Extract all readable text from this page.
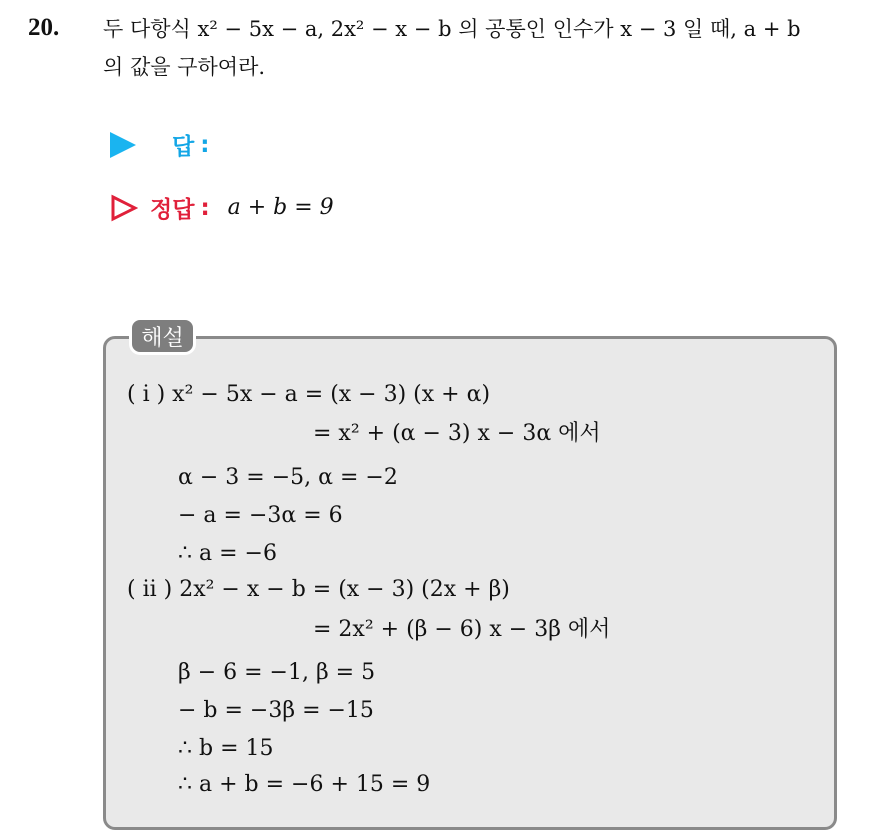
20. 두 다항식 x² − 5x − a, 2x² − x − b 의 공통인 인수가 x − 3 일 때, a + b
의 값을 구하여라.
답 :
정답 : a + b = 9
해설
( i ) x² − 5x − a = (x − 3) (x + α)
= x² + (α − 3) x − 3α 에서
α − 3 = −5, α = −2
− a = −3α = 6
∴ a = −6
( ii ) 2x² − x − b = (x − 3) (2x + β)
= 2x² + (β − 6) x − 3β 에서
β − 6 = −1, β = 5
− b = −3β = −15
∴ b = 15
∴ a + b = −6 + 15 = 9
